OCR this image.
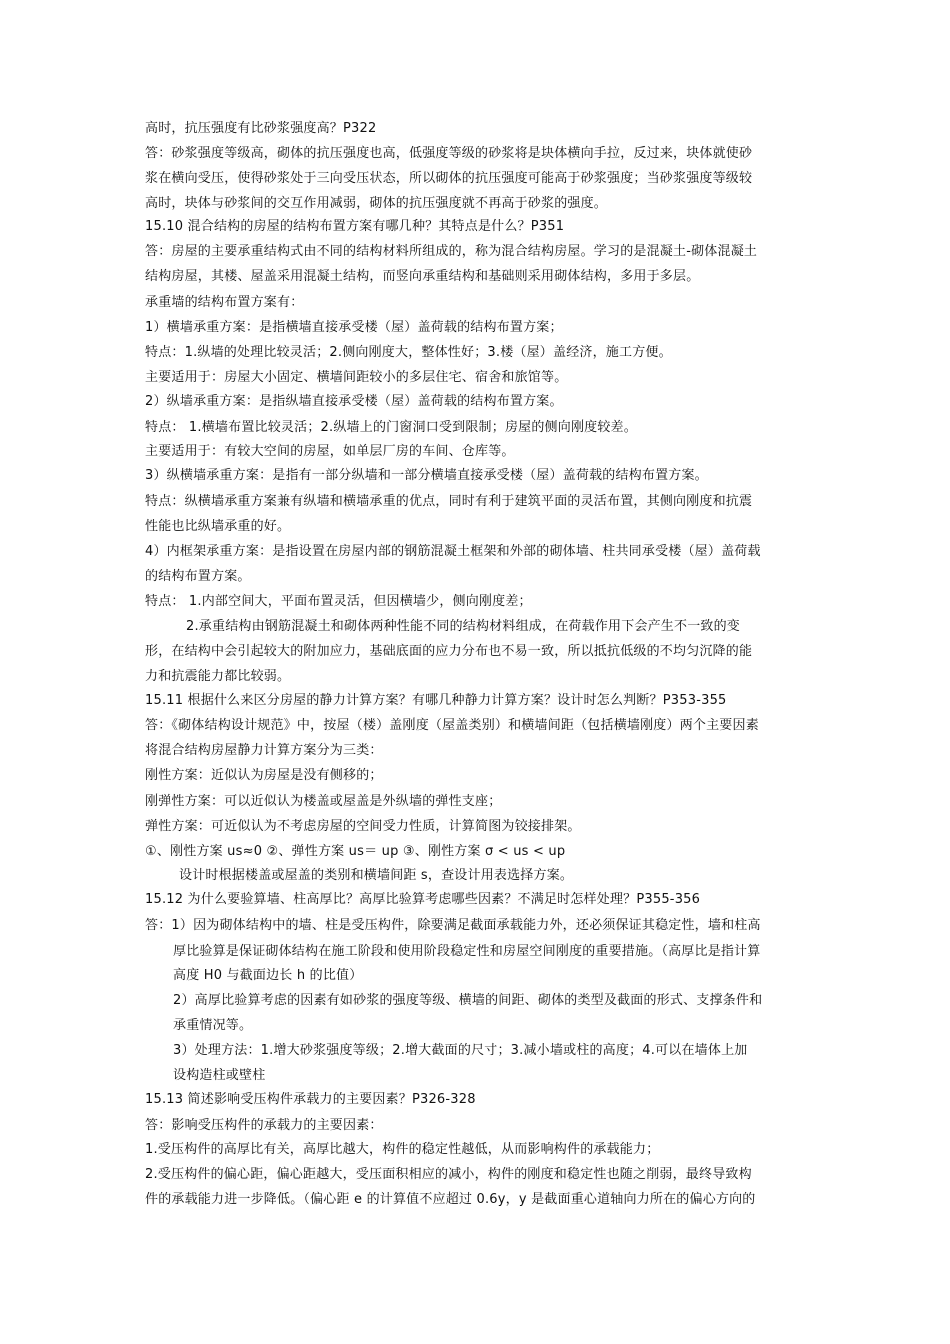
高时，抗压强度有比砂浆强度高？P322
答：砂浆强度等级高，砌体的抗压强度也高，低强度等级的砂浆将是块体横向手拉，反过来，块体就使砂
浆在横向受压，使得砂浆处于三向受压状态，所以砌体的抗压强度可能高于砂浆强度；当砂浆强度等级较
高时，块体与砂浆间的交互作用减弱，砌体的抗压强度就不再高于砂浆的强度。
15.10 混合结构的房屋的结构布置方案有哪几种？其特点是什么？P351
答：房屋的主要承重结构式由不同的结构材料所组成的，称为混合结构房屋。学习的是混凝土-砌体混凝土
结构房屋，其楼、屋盖采用混凝土结构，而竖向承重结构和基础则采用砌体结构，多用于多层。
承重墙的结构布置方案有：
1）横墙承重方案：是指横墙直接承受楼（屋）盖荷载的结构布置方案；
特点：1.纵墙的处理比较灵活；2.侧向刚度大，整体性好；3.楼（屋）盖经济，施工方便。
主要适用于：房屋大小固定、横墙间距较小的多层住宅、宿舍和旅馆等。
2）纵墙承重方案：是指纵墙直接承受楼（屋）盖荷载的结构布置方案。
特点： 1.横墙布置比较灵活；2.纵墙上的门窗洞口受到限制；房屋的侧向刚度较差。
主要适用于：有较大空间的房屋，如单层厂房的车间、仓库等。
3）纵横墙承重方案：是指有一部分纵墙和一部分横墙直接承受楼（屋）盖荷载的结构布置方案。
特点：纵横墙承重方案兼有纵墙和横墙承重的优点，同时有利于建筑平面的灵活布置，其侧向刚度和抗震
性能也比纵墙承重的好。
4）内框架承重方案：是指设置在房屋内部的钢筋混凝土框架和外部的砌体墙、柱共同承受楼（屋）盖荷载
的结构布置方案。
特点： 1.内部空间大，平面布置灵活，但因横墙少，侧向刚度差；
2.承重结构由钢筋混凝土和砌体两种性能不同的结构材料组成，在荷载作用下会产生不一致的变
形，在结构中会引起较大的附加应力，基础底面的应力分布也不易一致，所以抵抗低级的不均匀沉降的能
力和抗震能力都比较弱。
15.11 根据什么来区分房屋的静力计算方案？有哪几种静力计算方案？设计时怎么判断？P353-355
答：《砌体结构设计规范》中，按屋（楼）盖刚度（屋盖类别）和横墙间距（包括横墙刚度）两个主要因素
将混合结构房屋静力计算方案分为三类：
刚性方案：近似认为房屋是没有侧移的；
刚弹性方案：可以近似认为楼盖或屋盖是外纵墙的弹性支座；
弹性方案：可近似认为不考虑房屋的空间受力性质，计算简图为铰接排架。
①、刚性方案 us≈0 ②、弹性方案 us＝ up ③、刚性方案 σ < us < up
设计时根据楼盖或屋盖的类别和横墙间距 s，查设计用表选择方案。
15.12 为什么要验算墙、柱高厚比？高厚比验算考虑哪些因素？不满足时怎样处理？P355-356
答：1）因为砌体结构中的墙、柱是受压构件，除要满足截面承载能力外，还必须保证其稳定性，墙和柱高
厚比验算是保证砌体结构在施工阶段和使用阶段稳定性和房屋空间刚度的重要措施。（高厚比是指计算
高度 H0 与截面边长 h 的比值）
2）高厚比验算考虑的因素有如砂浆的强度等级、横墙的间距、砌体的类型及截面的形式、支撑条件和
承重情况等。
3）处理方法：1.增大砂浆强度等级；2.增大截面的尺寸；3.减小墙或柱的高度；4.可以在墙体上加
设构造柱或壁柱
15.13 简述影响受压构件承载力的主要因素？P326-328
答：影响受压构件的承载力的主要因素：
1.受压构件的高厚比有关，高厚比越大，构件的稳定性越低，从而影响构件的承载能力；
2.受压构件的偏心距，偏心距越大，受压面积相应的减小，构件的刚度和稳定性也随之削弱，最终导致构
件的承载能力进一步降低。（偏心距 e 的计算值不应超过 0.6y，y 是截面重心道轴向力所在的偏心方向的
